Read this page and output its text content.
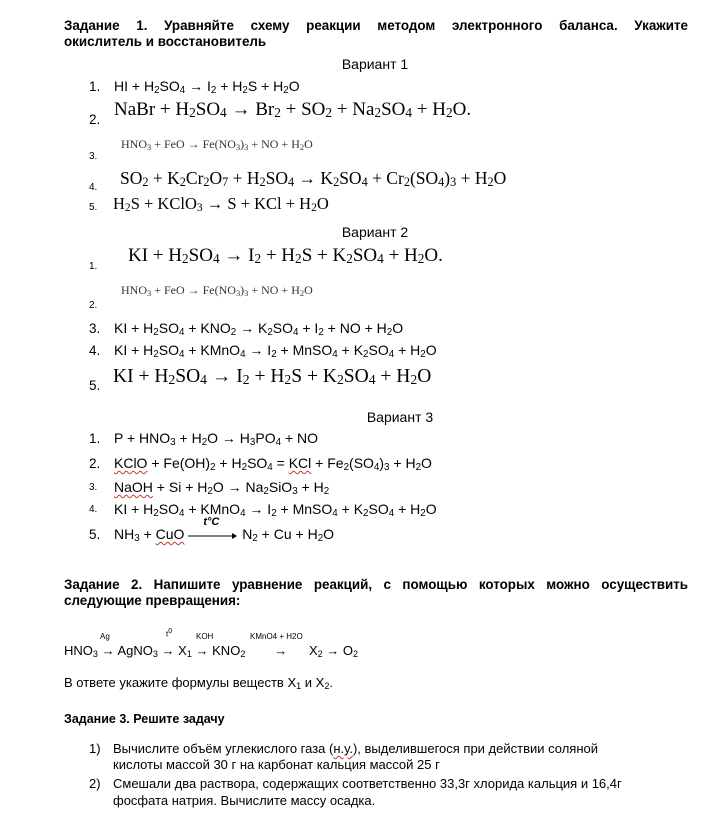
Задание 1. Уравняйте схему реакции методом электронного баланса. Укажите
окислитель и восстановитель
Вариант 1
1. HI + $H_2SO_4 \to I_2 + H_2S + H_2O$
2. NaBr + $H_2SO_4 \to Br_2 + SO_2 + Na_2SO_4 + H_2O$.
3.
$HNO_3$ + FeO → $Fe(NO_3)_3$ + NO + $H_2O$
4. $SO_2 + K_2Cr_2O_7 + H_2SO_4 \to K_2SO_4 + Cr_2(SO_4)_3 + H_2O$
5. $H_2S$ + KClO$_3$ → S + KCl + $H_2O$
Вариант 2
1.
KI + $H_2SO_4 \to I_2 + H_2S + K_2SO_4 + H_2O$.
2.
$HNO_3$ + FeO → $Fe(NO_3)_3$ + NO + $H_2O$
3. KI + $H_2SO_4 + KNO_2 \to K_2SO_4 + I_2$ + NO + $H_2O$
4. KI + $H_2SO_4$ + KMnO$_4$ → $I_2$ + MnSO$_4$ + $K_2SO_4 + H_2O$
5. KI + $H_2SO_4 \to I_2 + H_2S + K_2SO_4 + H_2O$
Вариант 3
1. $P + HNO_3 + H_2O \to H_3PO_4$ + NO
2. KClO + $Fe(OH)_2 + H_2SO_4$ = KCl + $Fe_2(SO_4)_3 + H_2O$
3. NaOH + $Si + H_2O \to Na_2SiO_3 + H_2$
4. KI + $H_2SO_4$ + KMnO$_4$ → $I_2$ + MnSO$_4$ + $K_2SO_4 + H_2O$
5. $NH_3$ + CuO
t°C
$N_2 + Cu + H_2O$
Задание 2. Напишите уравнение реакций, с помощью которых можно осуществить
следующие превращения:
Ag	$t^0$
KOH	KMnO4 + H2O
$HNO_3$ → AgNO$_3$ → $X_1 \to KNO_2$        →      $X_2 \to O_2$
В ответе укажите формулы веществ $X_1$ и $X_2$.
Задание 3. Решите задачу
1) Вычислите объём углекислого газа (н.у.), выделившегося при действии соляной
кислоты массой 30 г на карбонат кальция массой 25 г
2) Смешали два раствора, содержащих соответственно 33,3г хлорида кальция и 16,4г
фосфата натрия. Вычислите массу осадка.
